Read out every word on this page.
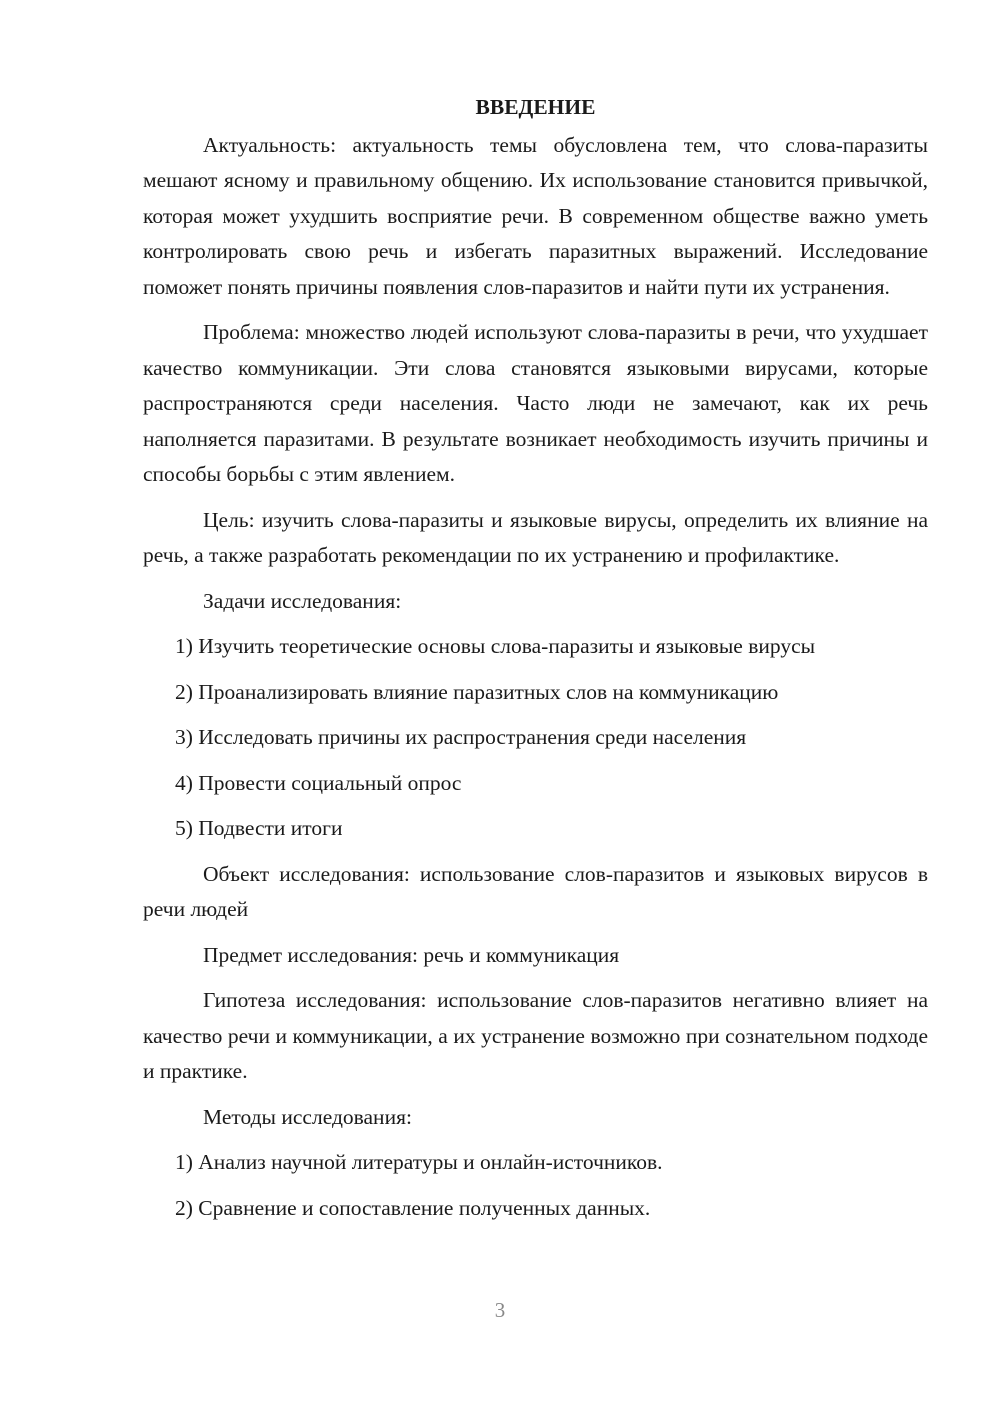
ВВЕДЕНИЕ

Актуальность: актуальность темы обусловлена тем, что слова-паразиты мешают ясному и правильному общению. Их использование становится привычкой, которая может ухудшить восприятие речи. В современном обществе важно уметь контролировать свою речь и избегать паразитных выражений. Исследование поможет понять причины появления слов-паразитов и найти пути их устранения.

Проблема: множество людей используют слова-паразиты в речи, что ухудшает качество коммуникации. Эти слова становятся языковыми вирусами, которые распространяются среди населения. Часто люди не замечают, как их речь наполняется паразитами. В результате возникает необходимость изучить причины и способы борьбы с этим явлением.

Цель: изучить слова-паразиты и языковые вирусы, определить их влияние на речь, а также разработать рекомендации по их устранению и профилактике.

Задачи исследования:

1) Изучить теоретические основы слова-паразиты и языковые вирусы

2) Проанализировать влияние паразитных слов на коммуникацию

3) Исследовать причины их распространения среди населения

4) Провести социальный опрос

5) Подвести итоги

Объект исследования: использование слов-паразитов и языковых вирусов в речи людей

Предмет исследования: речь и коммуникация

Гипотеза исследования: использование слов-паразитов негативно влияет на качество речи и коммуникации, а их устранение возможно при сознательном подходе и практике.

Методы исследования:

1) Анализ научной литературы и онлайн-источников.

2) Сравнение и сопоставление полученных данных.

3
